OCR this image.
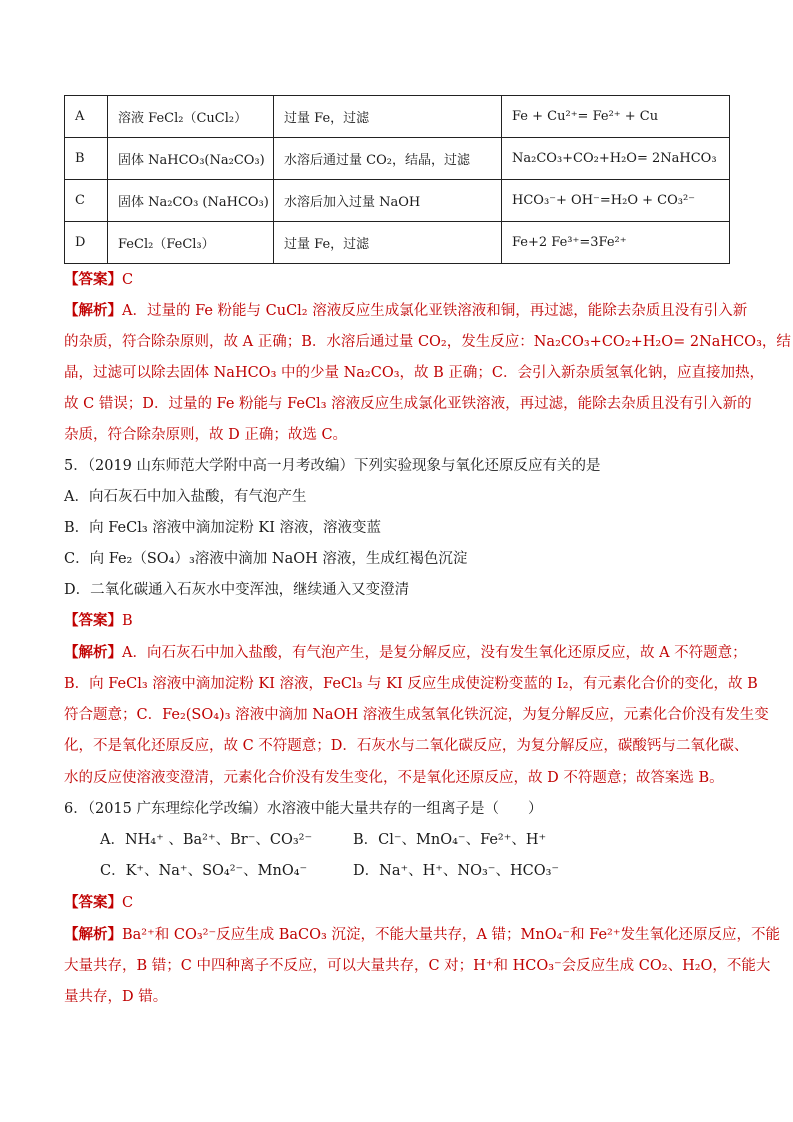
A	溶液 FeCl₂（CuCl₂）	过量 Fe，过滤	Fe + Cu²⁺= Fe²⁺ + Cu
B	固体 NaHCO₃(Na₂CO₃)	水溶后通过量 CO₂，结晶，过滤	Na₂CO₃+CO₂+H₂O= 2NaHCO₃
C	固体 Na₂CO₃ (NaHCO₃)	水溶后加入过量 NaOH	HCO₃⁻+ OH⁻=H₂O + CO₃²⁻
D	FeCl₂（FeCl₃）	过量 Fe，过滤	Fe+2 Fe³⁺=3Fe²⁺
【答案】C
【解析】A．过量的 Fe 粉能与 CuCl₂ 溶液反应生成氯化亚铁溶液和铜，再过滤，能除去杂质且没有引入新
的杂质，符合除杂原则，故 A 正确；B．水溶后通过量 CO₂，发生反应：Na₂CO₃+CO₂+H₂O= 2NaHCO₃，结
晶，过滤可以除去固体 NaHCO₃ 中的少量 Na₂CO₃，故 B 正确；C．会引入新杂质氢氧化钠，应直接加热，
故 C 错误；D．过量的 Fe 粉能与 FeCl₃ 溶液反应生成氯化亚铁溶液，再过滤，能除去杂质且没有引入新的
杂质，符合除杂原则，故 D 正确；故选 C。
5．（2019 山东师范大学附中高一月考改编）下列实验现象与氧化还原反应有关的是
A．向石灰石中加入盐酸，有气泡产生
B．向 FeCl₃ 溶液中滴加淀粉 KI 溶液，溶液变蓝
C．向 Fe₂（SO₄）₃溶液中滴加 NaOH 溶液，生成红褐色沉淀
D．二氧化碳通入石灰水中变浑浊，继续通入又变澄清
【答案】B
【解析】A．向石灰石中加入盐酸，有气泡产生，是复分解反应，没有发生氧化还原反应，故 A 不符题意；
B．向 FeCl₃ 溶液中滴加淀粉 KI 溶液，FeCl₃ 与 KI 反应生成使淀粉变蓝的 I₂，有元素化合价的变化，故 B
符合题意；C．Fe₂(SO₄)₃ 溶液中滴加 NaOH 溶液生成氢氧化铁沉淀，为复分解反应，元素化合价没有发生变
化，不是氧化还原反应，故 C 不符题意；D．石灰水与二氧化碳反应，为复分解反应，碳酸钙与二氧化碳、
水的反应使溶液变澄清，元素化合价没有发生变化，不是氧化还原反应，故 D 不符题意；故答案选 B。
6．（2015 广东理综化学改编）水溶液中能大量共存的一组离子是（　　）
A．NH₄⁺ 、Ba²⁺、Br⁻、CO₃²⁻	B．Cl⁻、MnO₄⁻、Fe²⁺、H⁺
C．K⁺、Na⁺、SO₄²⁻、MnO₄⁻	D．Na⁺、H⁺、NO₃⁻、HCO₃⁻
【答案】C
【解析】Ba²⁺和 CO₃²⁻反应生成 BaCO₃ 沉淀，不能大量共存，A 错；MnO₄⁻和 Fe²⁺发生氧化还原反应，不能
大量共存，B 错；C 中四种离子不反应，可以大量共存，C 对；H⁺和 HCO₃⁻会反应生成 CO₂、H₂O，不能大
量共存，D 错。
